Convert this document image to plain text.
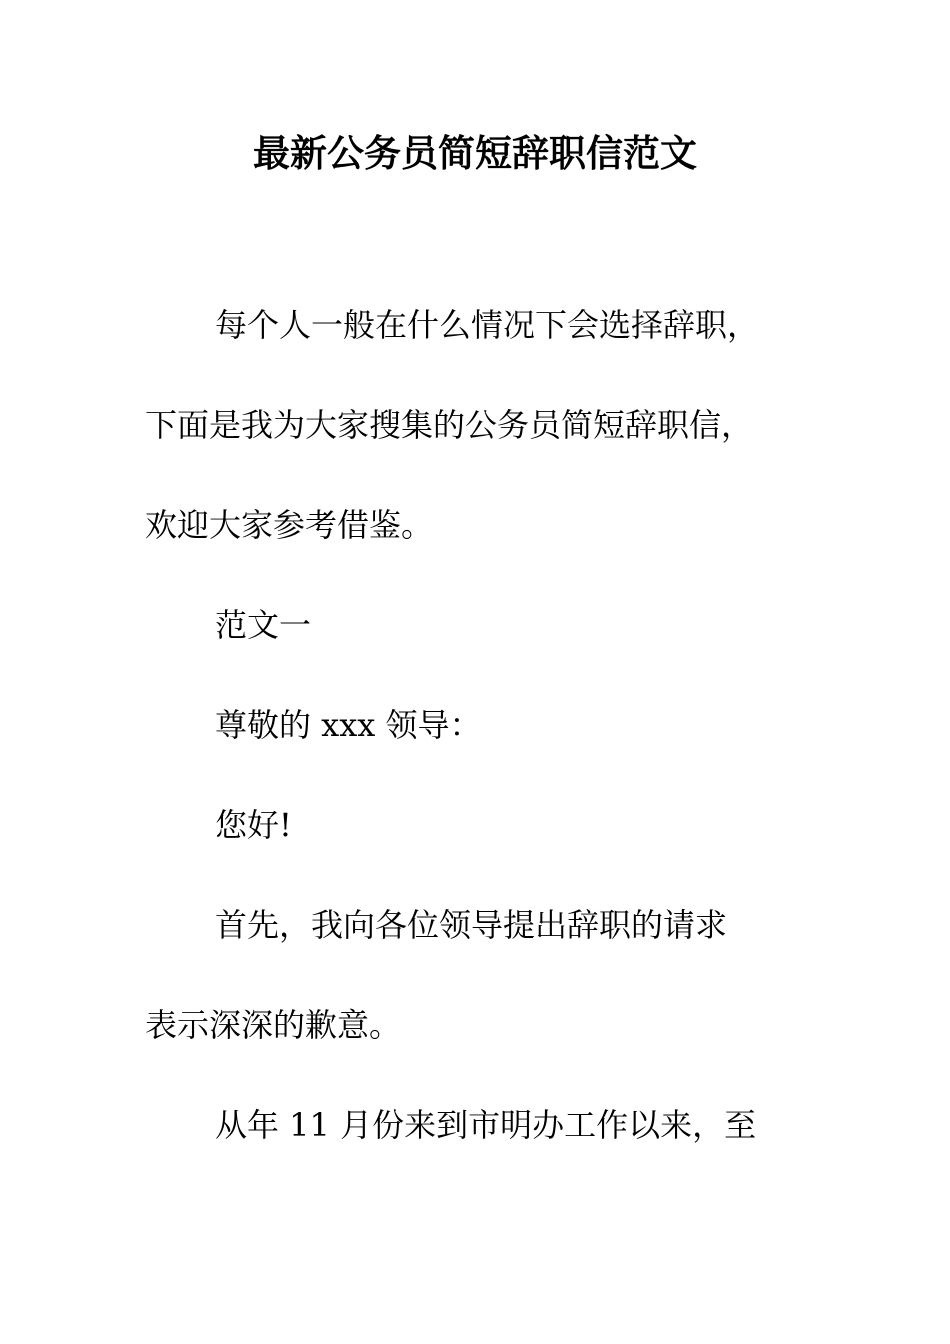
最新公务员简短辞职信范文
每个人一般在什么情况下会选择辞职，
下面是我为大家搜集的公务员简短辞职信，
欢迎大家参考借鉴。
范文一
尊敬的 xxx 领导：
您好!
首先，我向各位领导提出辞职的请求
表示深深的歉意。
从年 11 月份来到市明办工作以来，至
